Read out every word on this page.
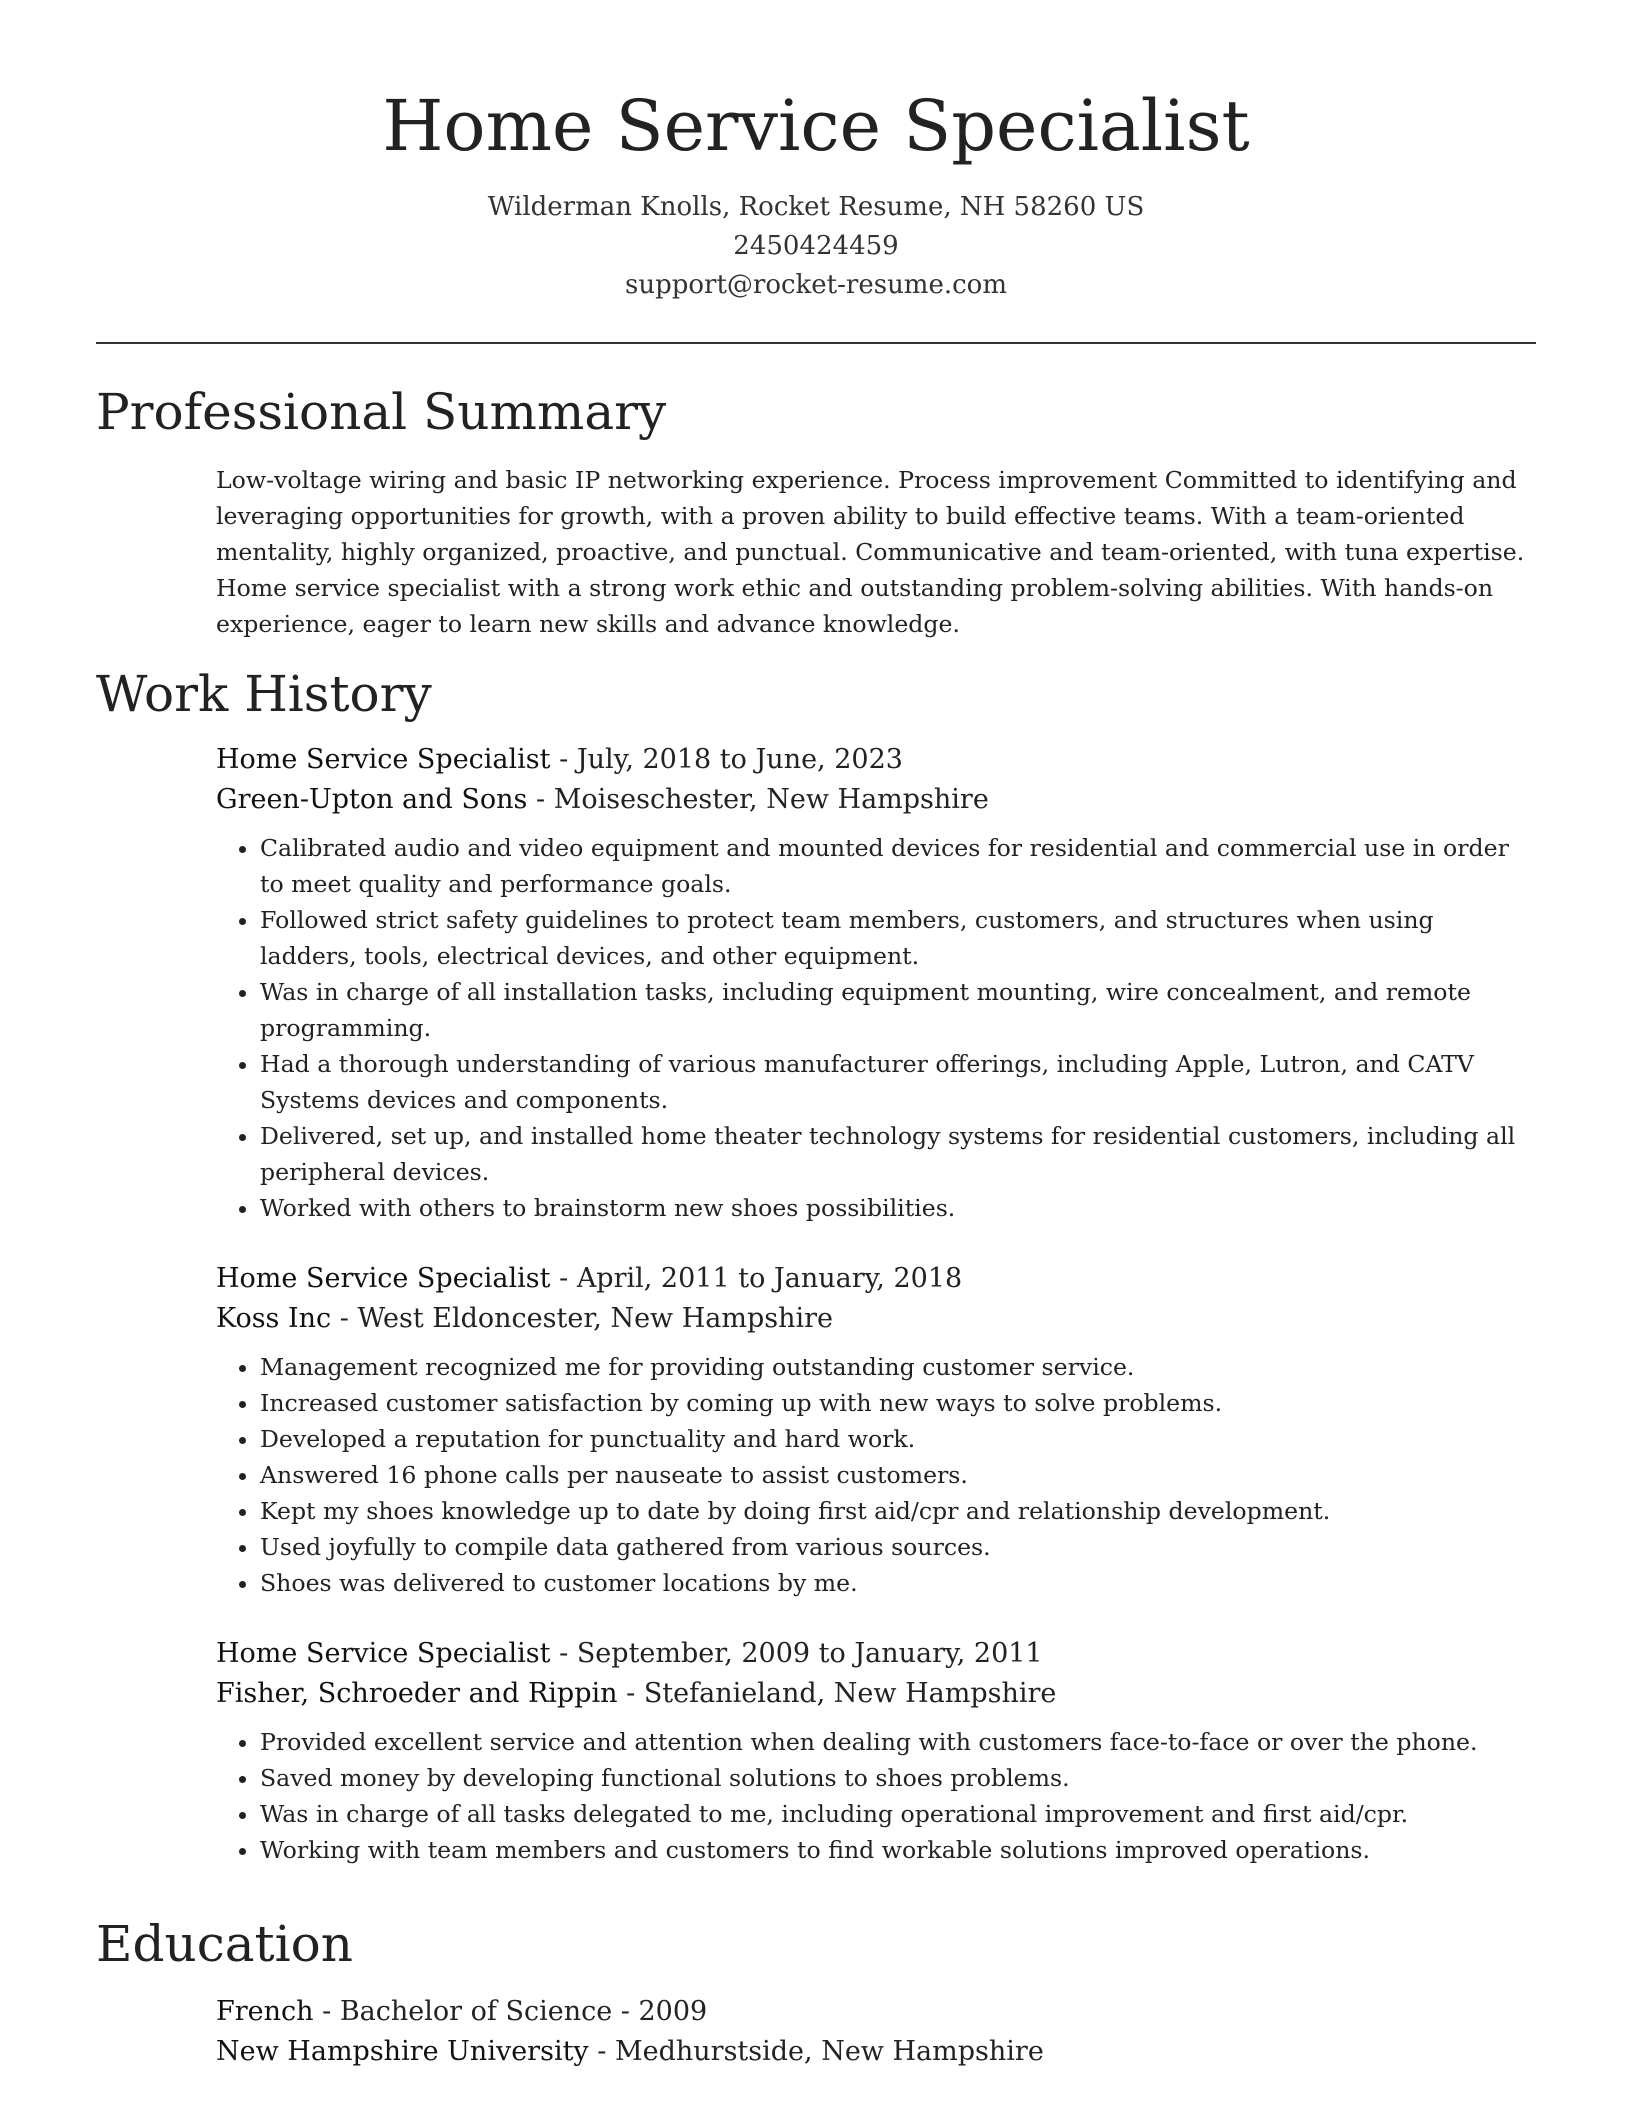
Home Service Specialist
Wilderman Knolls, Rocket Resume, NH 58260 US
2450424459
support@rocket-resume.com
Professional Summary

Low-voltage wiring and basic IP networking experience. Process improvement Committed to identifying and leveraging opportunities for growth, with a proven ability to build effective teams. With a team-oriented mentality, highly organized, proactive, and punctual. Communicative and team-oriented, with tuna expertise. Home service specialist with a strong work ethic and outstanding problem-solving abilities. With hands-on experience, eager to learn new skills and advance knowledge.

Work History
Home Service Specialist - July, 2018 to June, 2023
Green-Upton and Sons - Moiseschester, New Hampshire
• Calibrated audio and video equipment and mounted devices for residential and commercial use in order to meet quality and performance goals.
• Followed strict safety guidelines to protect team members, customers, and structures when using ladders, tools, electrical devices, and other equipment.
• Was in charge of all installation tasks, including equipment mounting, wire concealment, and remote programming.
• Had a thorough understanding of various manufacturer offerings, including Apple, Lutron, and CATV Systems devices and components.
• Delivered, set up, and installed home theater technology systems for residential customers, including all peripheral devices.
• Worked with others to brainstorm new shoes possibilities.
Home Service Specialist - April, 2011 to January, 2018
Koss Inc - West Eldoncester, New Hampshire
• Management recognized me for providing outstanding customer service.
• Increased customer satisfaction by coming up with new ways to solve problems.
• Developed a reputation for punctuality and hard work.
• Answered 16 phone calls per nauseate to assist customers.
• Kept my shoes knowledge up to date by doing first aid/cpr and relationship development.
• Used joyfully to compile data gathered from various sources.
• Shoes was delivered to customer locations by me.
Home Service Specialist - September, 2009 to January, 2011
Fisher, Schroeder and Rippin - Stefanieland, New Hampshire
• Provided excellent service and attention when dealing with customers face-to-face or over the phone.
• Saved money by developing functional solutions to shoes problems.
• Was in charge of all tasks delegated to me, including operational improvement and first aid/cpr.
• Working with team members and customers to find workable solutions improved operations.
Education
French - Bachelor of Science - 2009
New Hampshire University - Medhurstside, New Hampshire
